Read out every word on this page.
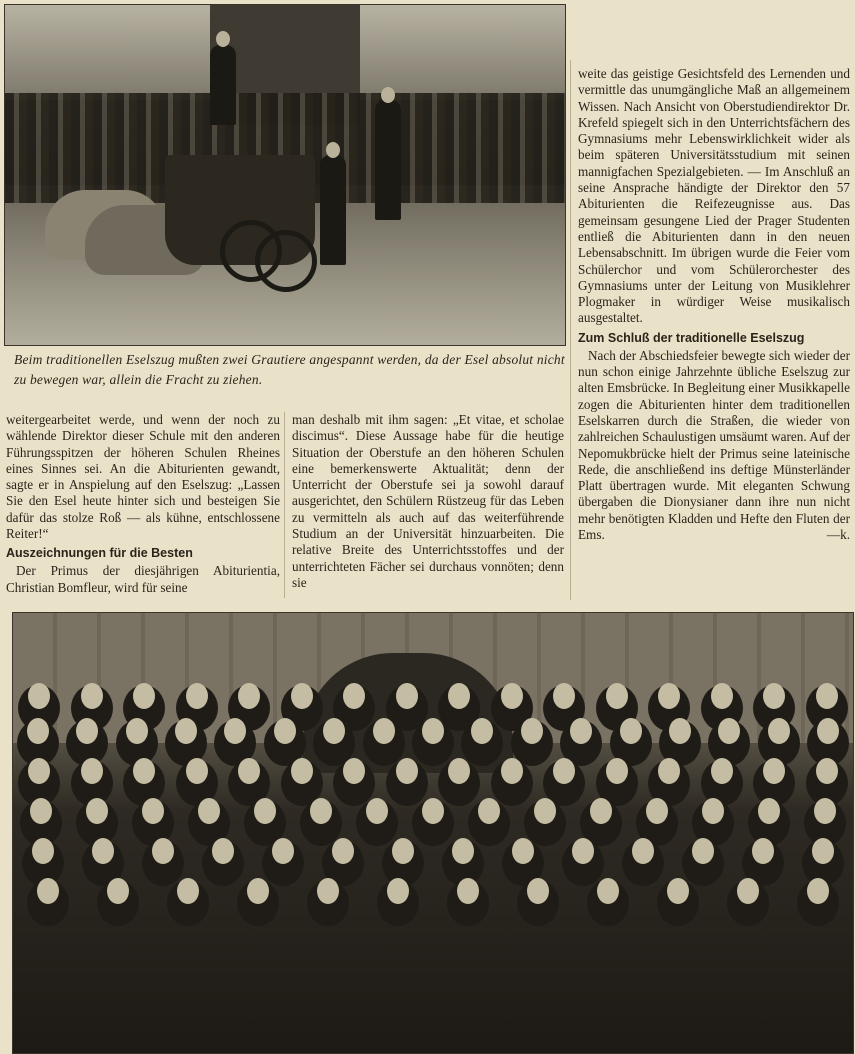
Beim traditionellen Eselszug mußten zwei Grautiere angespannt werden, da der Esel absolut nicht zu bewegen war, allein die Fracht zu ziehen.

weite das geistige Gesichtsfeld des Lernenden und vermittle das unumgängliche Maß an allgemeinem Wissen. Nach Ansicht von Oberstudiendirektor Dr. Krefeld spiegelt sich in den Unterrichtsfächern des Gymnasiums mehr Lebenswirklichkeit wider als beim späteren Universitätsstudium mit seinen mannigfachen Spezialgebieten. — Im Anschluß an seine Ansprache händigte der Direktor den 57 Abiturienten die Reifezeugnisse aus. Das gemeinsam gesungene Lied der Prager Studenten entließ die Abiturienten dann in den neuen Lebensabschnitt. Im übrigen wurde die Feier vom Schülerchor und vom Schülerorchester des Gymnasiums unter der Leitung von Musiklehrer Plogmaker in würdiger Weise musikalisch ausgestaltet.

Zum Schluß der traditionelle Eselszug

Nach der Abschiedsfeier bewegte sich wieder der nun schon einige Jahrzehnte übliche Eselszug zur alten Emsbrücke. In Begleitung einer Musikkapelle zogen die Abiturienten hinter dem traditionellen Eselskarren durch die Straßen, die wieder von zahlreichen Schaulustigen umsäumt waren. Auf der Nepomukbrücke hielt der Primus seine lateinische Rede, die anschließend ins deftige Münsterländer Platt übertragen wurde. Mit eleganten Schwung übergaben die Dionysianer dann ihre nun nicht mehr benötigten Kladden und Hefte den Fluten der Ems.	—k.

weitergearbeitet werde, und wenn der noch zu wählende Direktor dieser Schule mit den anderen Führungsspitzen der höheren Schulen Rheines eines Sinnes sei. An die Abiturienten gewandt, sagte er in Anspielung auf den Eselszug: „Lassen Sie den Esel heute hinter sich und besteigen Sie dafür das stolze Roß — als kühne, entschlossene Reiter!“

Auszeichnungen für die Besten

Der Primus der diesjährigen Abiturientia, Christian Bomfleur, wird für seine

man deshalb mit ihm sagen: „Et vitae, et scholae discimus“. Diese Aussage habe für die heutige Situation der Oberstufe an den höheren Schulen eine bemerkenswerte Aktualität; denn der Unterricht der Oberstufe sei ja sowohl darauf ausgerichtet, den Schülern Rüstzeug für das Leben zu vermitteln als auch auf das weiterführende Studium an der Universität hinzuarbeiten. Die relative Breite des Unterrichtsstoffes und der unterrichteten Fächer sei durchaus vonnöten; denn sie
